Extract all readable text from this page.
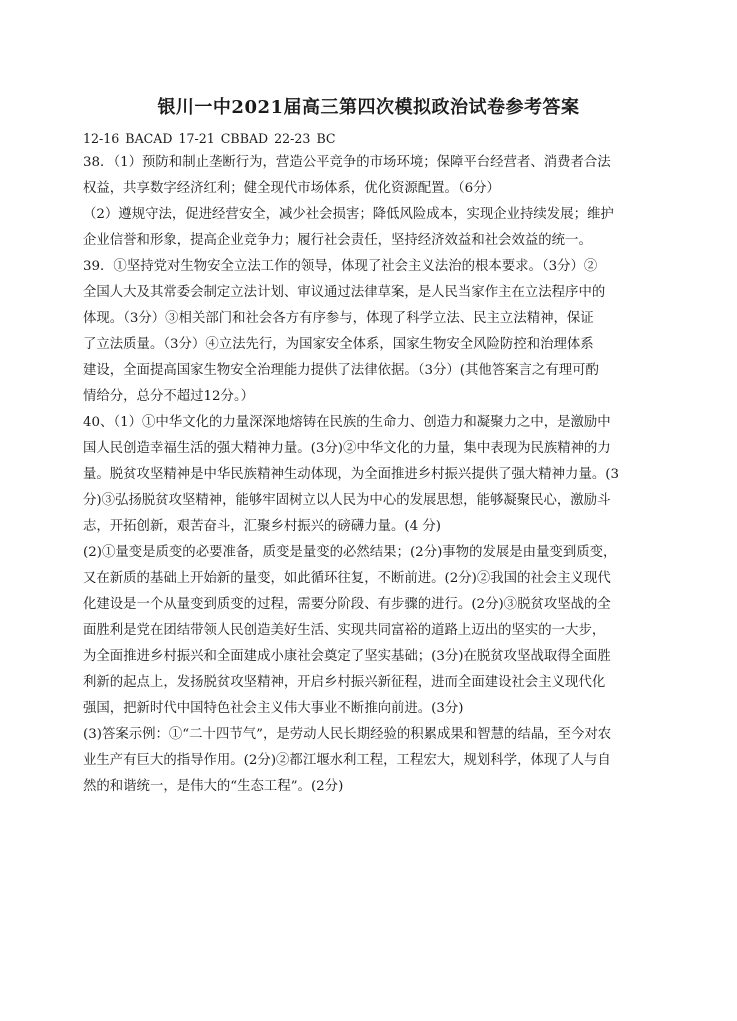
银川一中2021届高三第四次模拟政治试卷参考答案
12-16 BACAD 17-21 CBBAD 22-23 BC
38．（1）预防和制止垄断行为，营造公平竞争的市场环境；保障平台经营者、消费者合法
权益，共享数字经济红利；健全现代市场体系，优化资源配置。（6分）
（2）遵规守法，促进经营安全，减少社会损害；降低风险成本，实现企业持续发展；维护
企业信誉和形象，提高企业竞争力；履行社会责任，坚持经济效益和社会效益的统一。
39．①坚持党对生物安全立法工作的领导，体现了社会主义法治的根本要求。（3分）②
全国人大及其常委会制定立法计划、审议通过法律草案，是人民当家作主在立法程序中的
体现。（3分）③相关部门和社会各方有序参与，体现了科学立法、民主立法精神，保证
了立法质量。（3分）④立法先行，为国家安全体系，国家生物安全风险防控和治理体系
建设，全面提高国家生物安全治理能力提供了法律依据。（3分）(其他答案言之有理可酌
情给分，总分不超过12分。）
40、（1）①中华文化的力量深深地熔铸在民族的生命力、创造力和凝聚力之中，是激励中
国人民创造幸福生活的强大精神力量。(3分)②中华文化的力量，集中表现为民族精神的力
量。脱贫攻坚精神是中华民族精神生动体现，为全面推进乡村振兴提供了强大精神力量。(3
分)③弘扬脱贫攻坚精神，能够牢固树立以人民为中心的发展思想，能够凝聚民心，激励斗
志，开拓创新，艰苦奋斗，汇聚乡村振兴的磅礴力量。(4 分)
(2)①量变是质变的必要准备，质变是量变的必然结果；(2分)事物的发展是由量变到质变，
又在新质的基础上开始新的量变，如此循环往复，不断前进。(2分)②我国的社会主义现代
化建设是一个从量变到质变的过程，需要分阶段、有步骤的进行。(2分)③脱贫攻坚战的全
面胜利是党在团结带领人民创造美好生活、实现共同富裕的道路上迈出的坚实的一大步，
为全面推进乡村振兴和全面建成小康社会奠定了坚实基础；(3分)在脱贫攻坚战取得全面胜
利新的起点上，发扬脱贫攻坚精神，开启乡村振兴新征程，进而全面建设社会主义现代化
强国，把新时代中国特色社会主义伟大事业不断推向前进。(3分)
(3)答案示例：①“二十四节气”，是劳动人民长期经验的积累成果和智慧的结晶，至今对农
业生产有巨大的指导作用。(2分)②都江堰水利工程，工程宏大，规划科学，体现了人与自
然的和谐统一，是伟大的“生态工程”。(2分)
